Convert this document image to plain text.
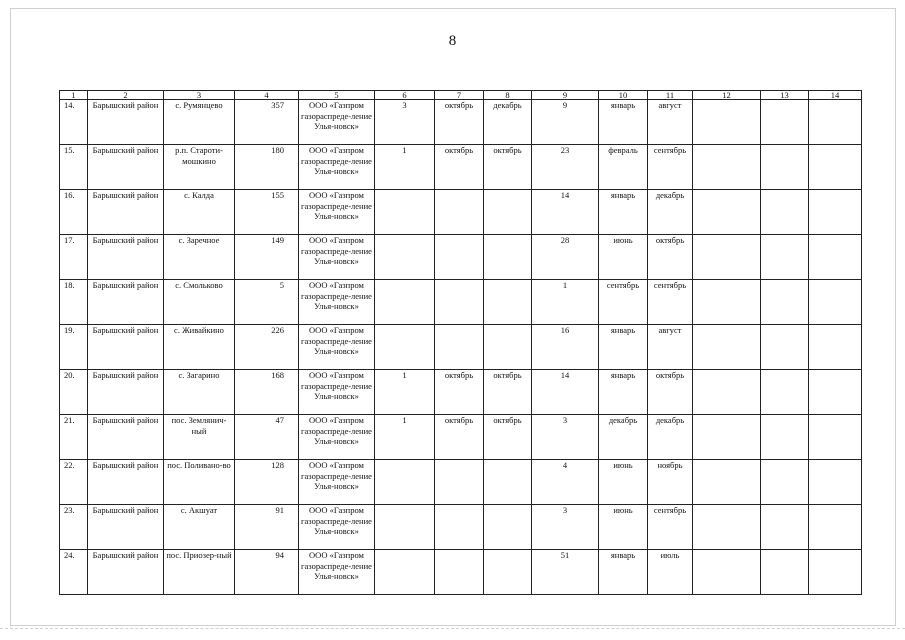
8
1	2	3	4	5	6	7	8	9	10	11	12	13	14
14.	Барышский район	с. Румянцево	357	ООО «Газпром газораспреде-ление Улья-новск»	3	октябрь	декабрь	9	январь	август			
15.	Барышский район	р.п. Староти-мошкино	180	ООО «Газпром газораспреде-ление Улья-новск»	1	октябрь	октябрь	23	февраль	сентябрь			
16.	Барышский район	с. Калда	155	ООО «Газпром газораспреде-ление Улья-новск»				14	январь	декабрь			
17.	Барышский район	с. Заречное	149	ООО «Газпром газораспреде-ление Улья-новск»				28	июнь	октябрь			
18.	Барышский район	с. Смольково	5	ООО «Газпром газораспреде-ление Улья-новск»				1	сентябрь	сентябрь			
19.	Барышский район	с. Живайкино	226	ООО «Газпром газораспреде-ление Улья-новск»				16	январь	август			
20.	Барышский район	с. Загарино	168	ООО «Газпром газораспреде-ление Улья-новск»	1	октябрь	октябрь	14	январь	октябрь			
21.	Барышский район	пос. Землянич-ный	47	ООО «Газпром газораспреде-ление Улья-новск»	1	октябрь	октябрь	3	декабрь	декабрь			
22.	Барышский район	пос. Поливано-во	128	ООО «Газпром газораспреде-ление Улья-новск»				4	июнь	ноябрь			
23.	Барышский район	с. Акшуат	91	ООО «Газпром газораспреде-ление Улья-новск»				3	июнь	сентябрь			
24.	Барышский район	пос. Приозер-ный	94	ООО «Газпром газораспреде-ление Улья-новск»				51	январь	июль			
